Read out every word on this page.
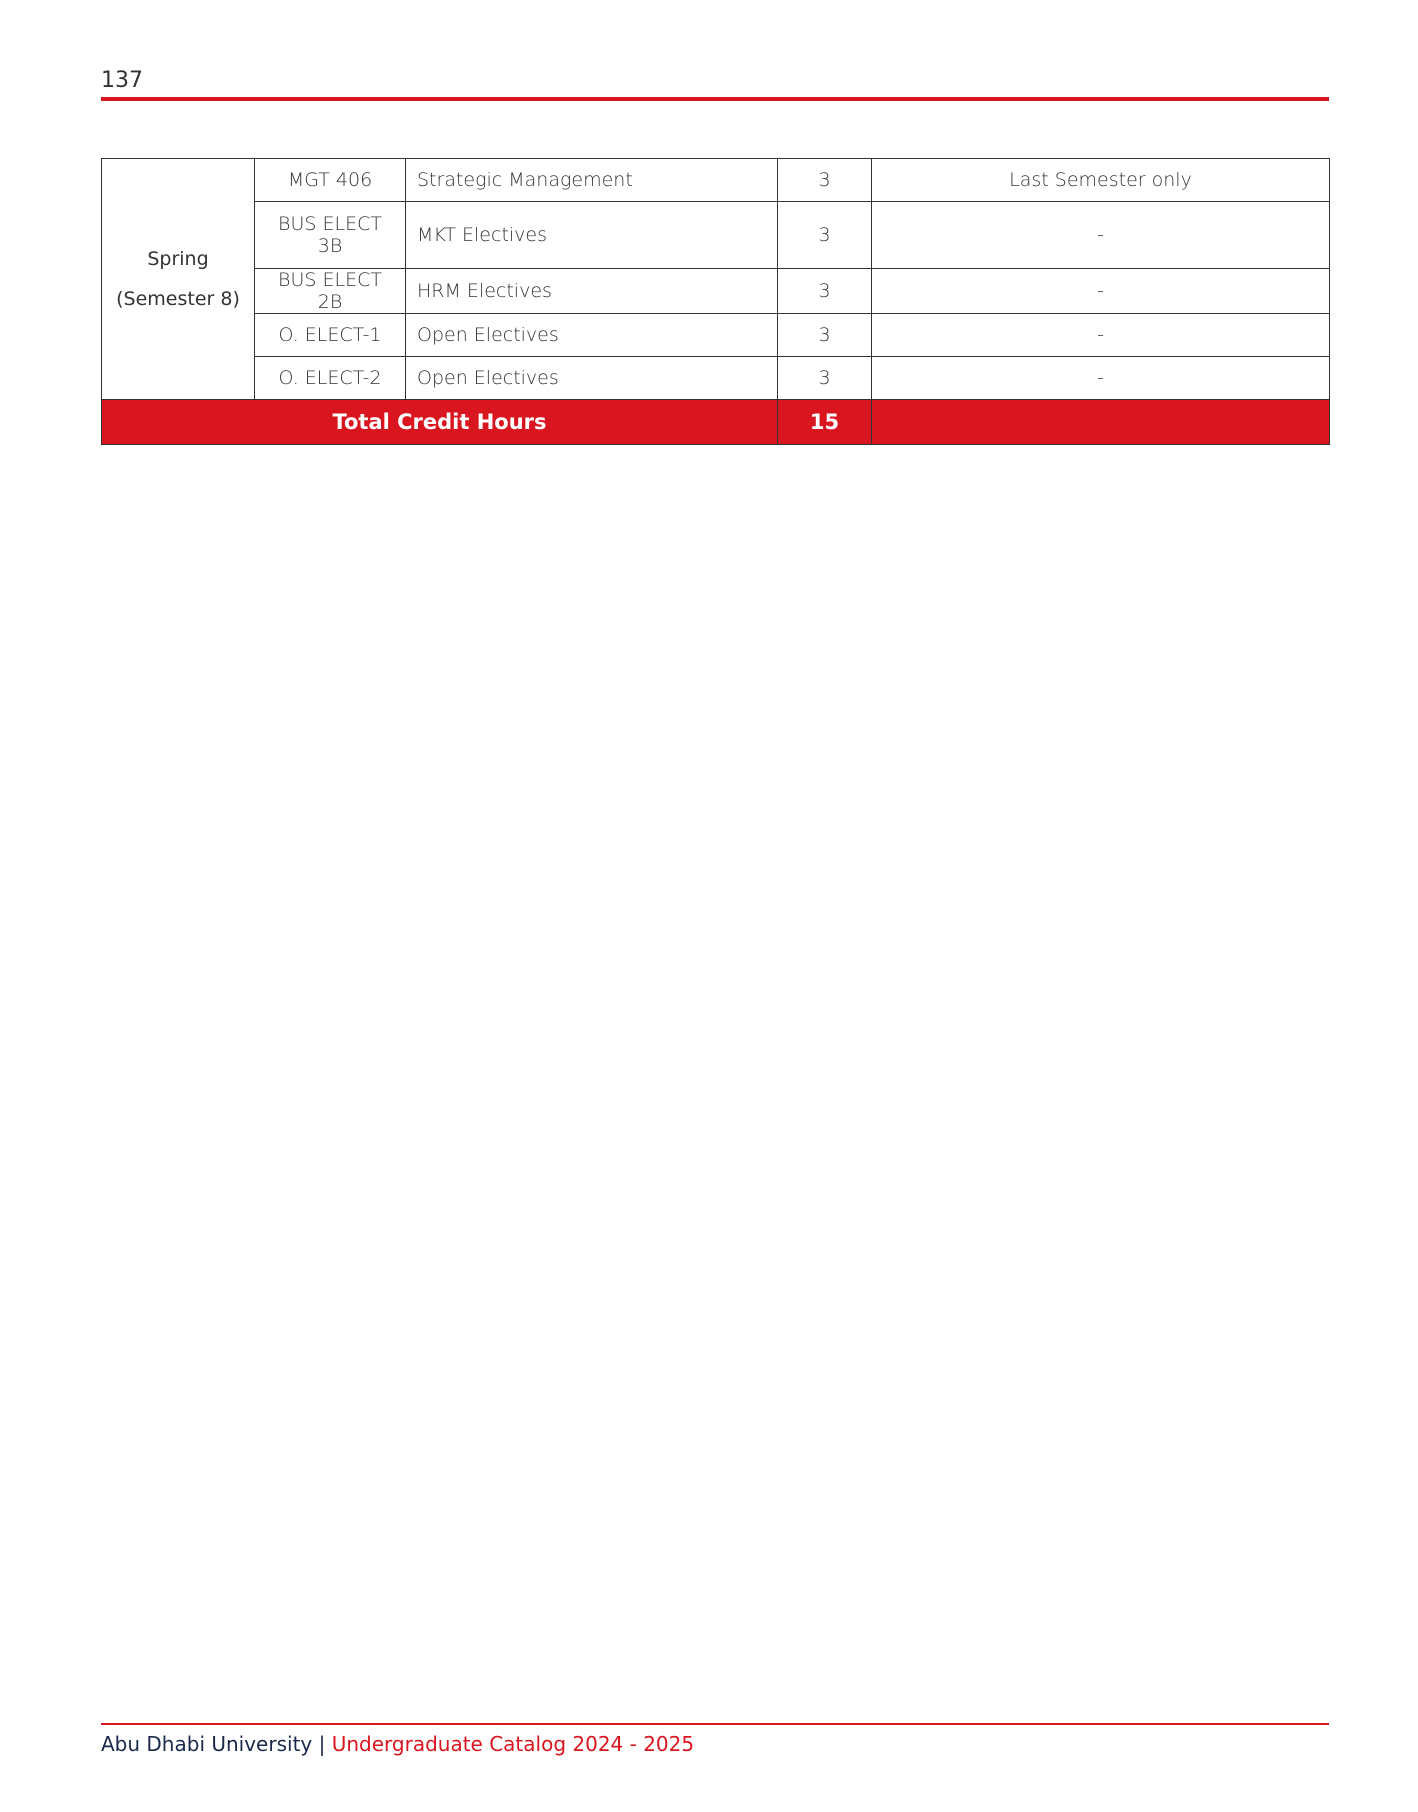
137
Spring
(Semester 8)	MGT 406	Strategic Management	3	Last Semester only
	BUS ELECT 3B	MKT Electives	3	-
	BUS ELECT 2B	HRM Electives	3	-
	O. ELECT-1	Open Electives	3	-
	O. ELECT-2	Open Electives	3	-
Total Credit Hours			15	
Abu Dhabi University | Undergraduate Catalog 2024 - 2025
